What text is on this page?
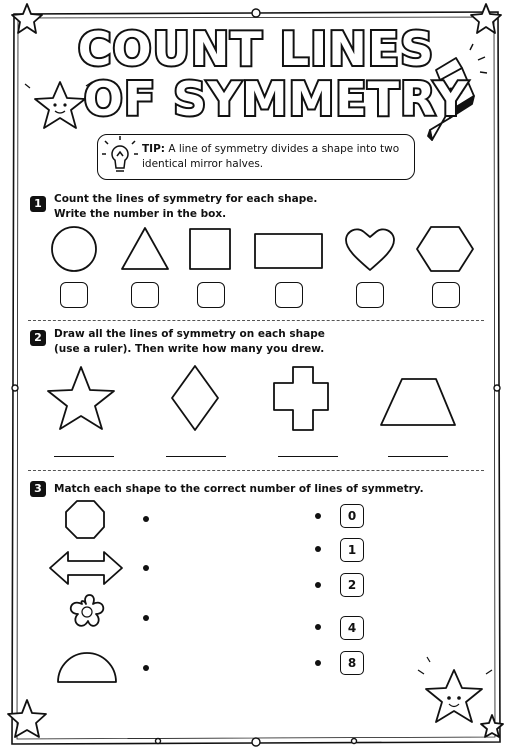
COUNT LINES
OF SYMMETRY
TIP: A line of symmetry divides a shape into two identical mirror halves.
1	Count the lines of symmetry for each shape.
Write the number in the box.
2	Draw all the lines of symmetry on each shape
(use a ruler). Then write how many you drew.
3	Match each shape to the correct number of lines of symmetry.
0
1
2
4
8
